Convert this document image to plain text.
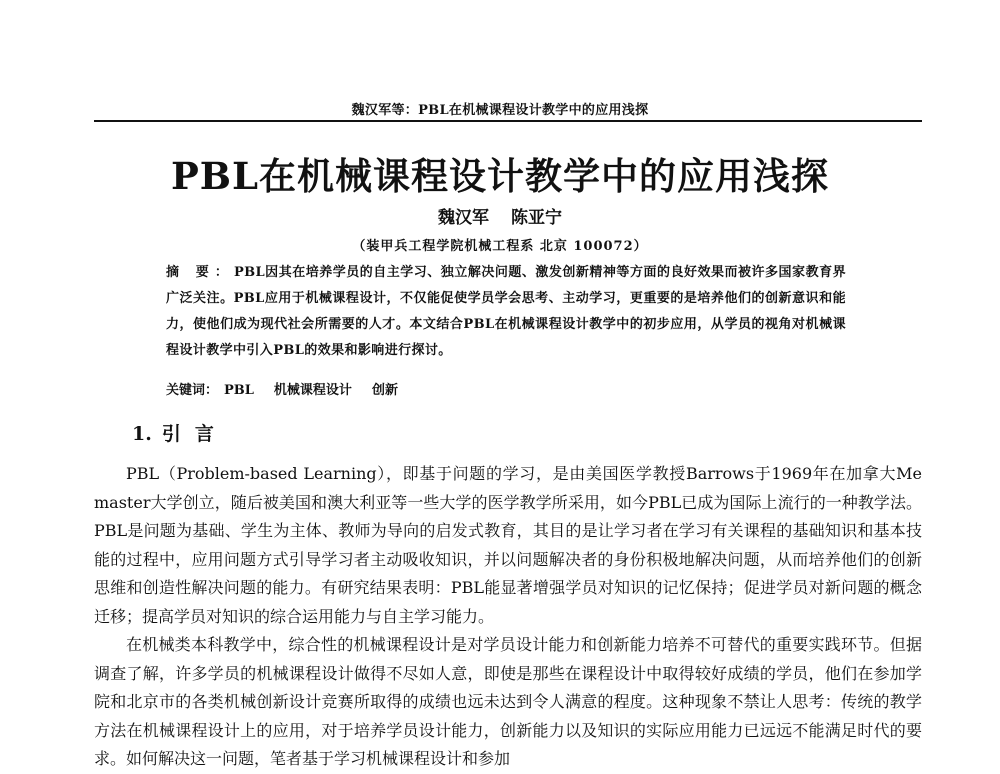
魏汉军等：PBL在机械课程设计教学中的应用浅探
PBL在机械课程设计教学中的应用浅探
魏汉军 陈亚宁
（装甲兵工程学院机械工程系 北京 100072）
摘 要：PBL因其在培养学员的自主学习、独立解决问题、激发创新精神等方面的良好效果而被许多国家教育界广泛关注。PBL应用于机械课程设计，不仅能促使学员学会思考、主动学习，更重要的是培养他们的创新意识和能力，使他们成为现代社会所需要的人才。本文结合PBL在机械课程设计教学中的初步应用，从学员的视角对机械课程设计教学中引入PBL的效果和影响进行探讨。
关键词： PBL 机械课程设计 创新
1. 引言

PBL（Problem-based Learning），即基于问题的学习，是由美国医学教授Barrows于1969年在加拿大Me master大学创立，随后被美国和澳大利亚等一些大学的医学教学所采用，如今PBL已成为国际上流行的一种教学法。PBL是问题为基础、学生为主体、教师为导向的启发式教育，其目的是让学习者在学习有关课程的基础知识和基本技能的过程中，应用问题方式引导学习者主动吸收知识，并以问题解决者的身份积极地解决问题，从而培养他们的创新思维和创造性解决问题的能力。有研究结果表明：PBL能显著增强学员对知识的记忆保持；促进学员对新问题的概念迁移；提高学员对知识的综合运用能力与自主学习能力。

在机械类本科教学中，综合性的机械课程设计是对学员设计能力和创新能力培养不可替代的重要实践环节。但据调查了解，许多学员的机械课程设计做得不尽如人意，即使是那些在课程设计中取得较好成绩的学员，他们在参加学院和北京市的各类机械创新设计竞赛所取得的成绩也远未达到令人满意的程度。这种现象不禁让人思考：传统的教学方法在机械课程设计上的应用，对于培养学员设计能力，创新能力以及知识的实际应用能力已远远不能满足时代的要求。如何解决这一问题，笔者基于学习机械课程设计和参加
